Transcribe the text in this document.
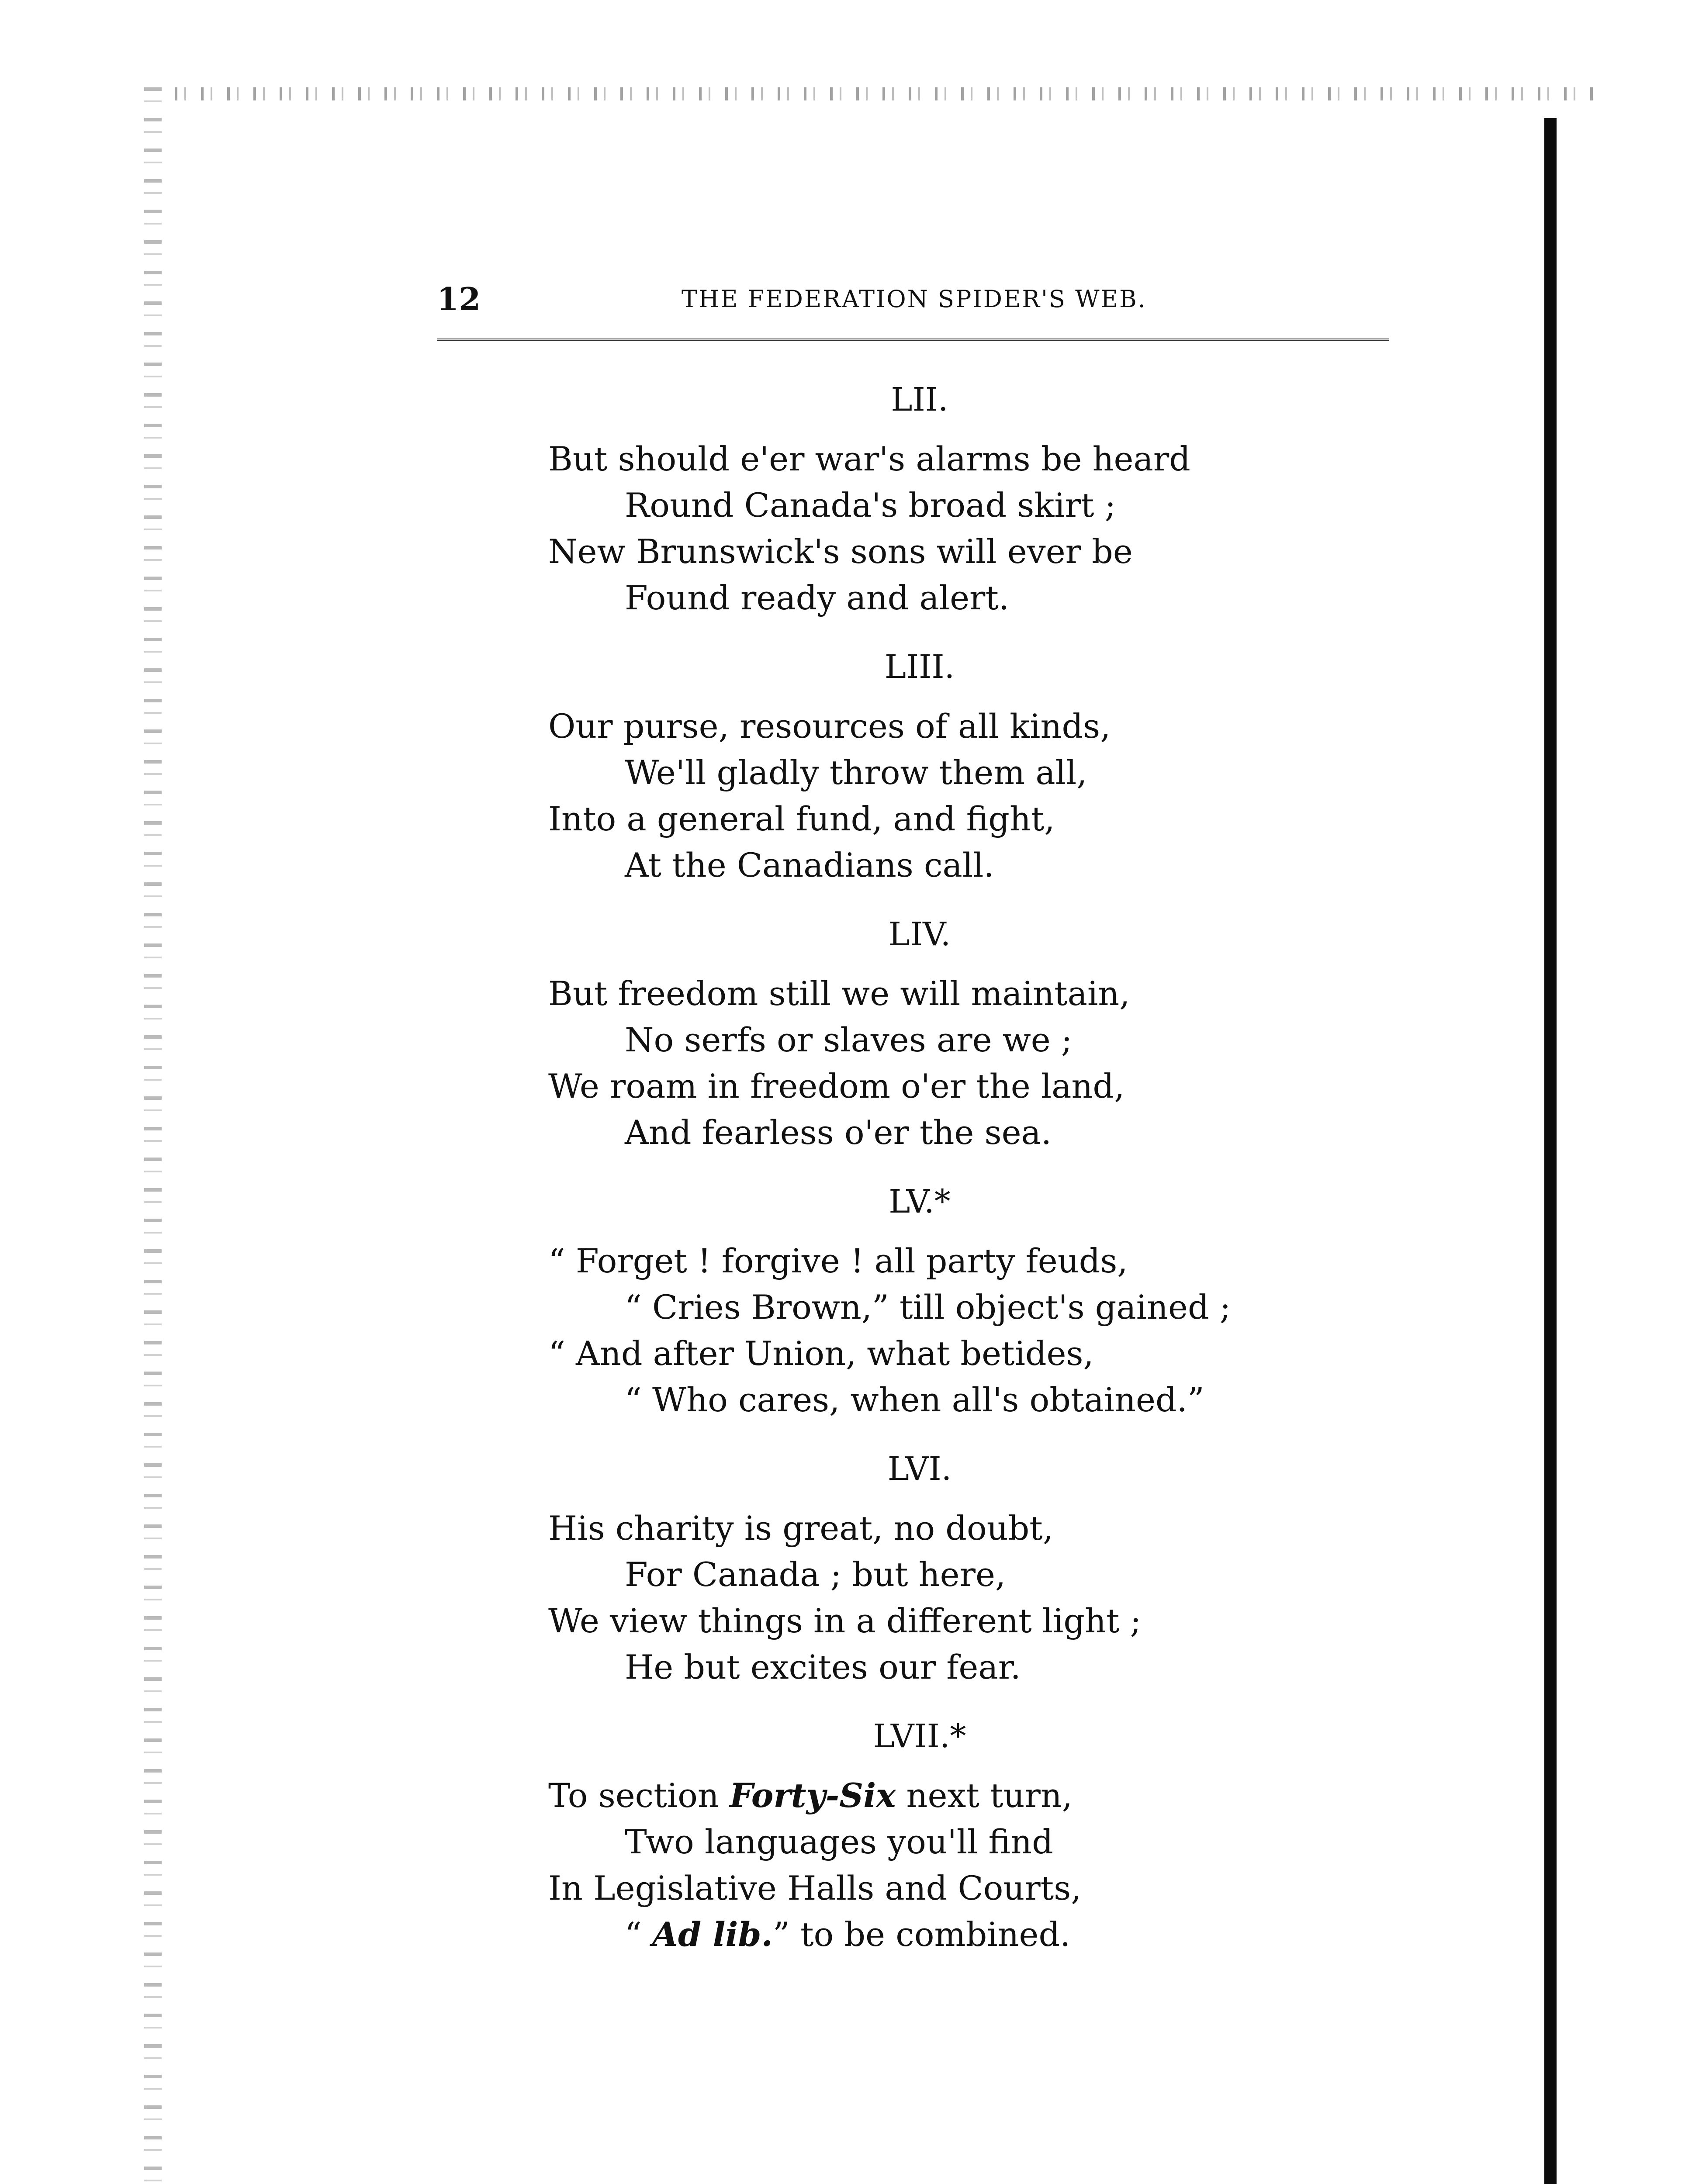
12	THE FEDERATION SPIDER'S WEB.
LII.
But should e'er war's alarms be heard
Round Canada's broad skirt ;
New Brunswick's sons will ever be
Found ready and alert.
LIII.
Our purse, resources of all kinds,
We'll gladly throw them all,
Into a general fund, and fight,
At the Canadians call.
LIV.
But freedom still we will maintain,
No serfs or slaves are we ;
We roam in freedom o'er the land,
And fearless o'er the sea.
LV.*
“ Forget ! forgive ! all party feuds,
“ Cries Brown,” till object's gained ;
“ And after Union, what betides,
“ Who cares, when all's obtained.”
LVI.
His charity is great, no doubt,
For Canada ; but here,
We view things in a different light ;
He but excites our fear.
LVII.*
To section Forty-Six next turn,
Two languages you'll find
In Legislative Halls and Courts,
“ Ad lib.” to be combined.
